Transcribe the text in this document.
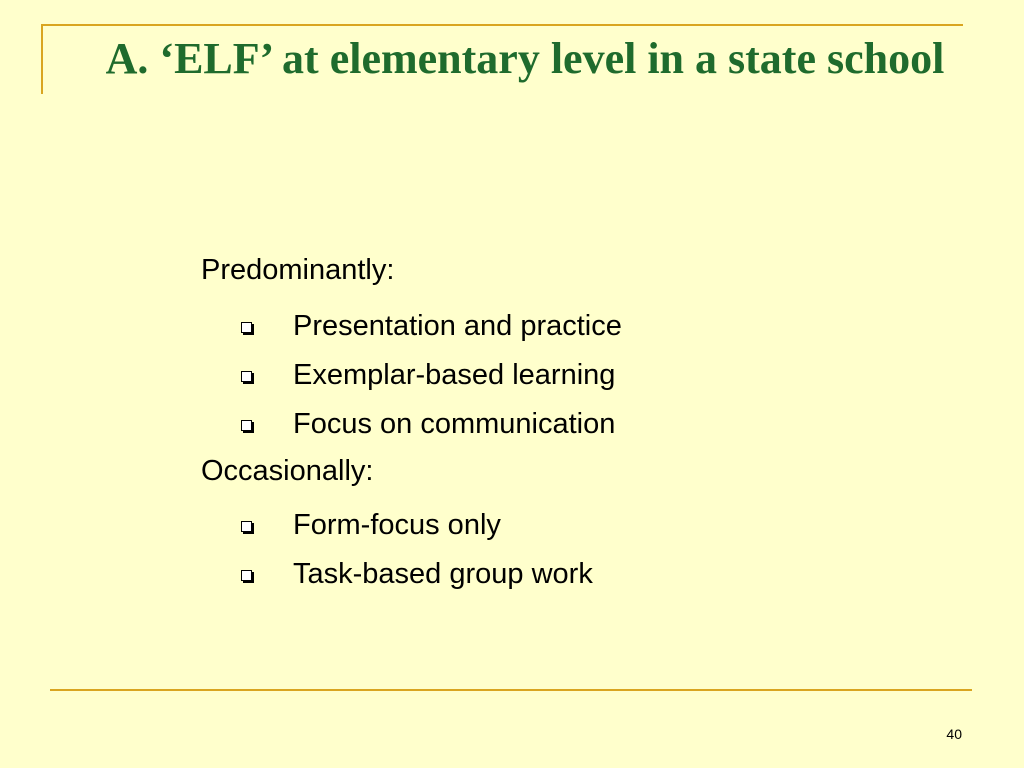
A. ‘ELF’ at elementary level in a state school
Predominantly:
Presentation and practice
Exemplar-based learning
Focus on communication
Occasionally:
Form-focus only
Task-based group work
40
